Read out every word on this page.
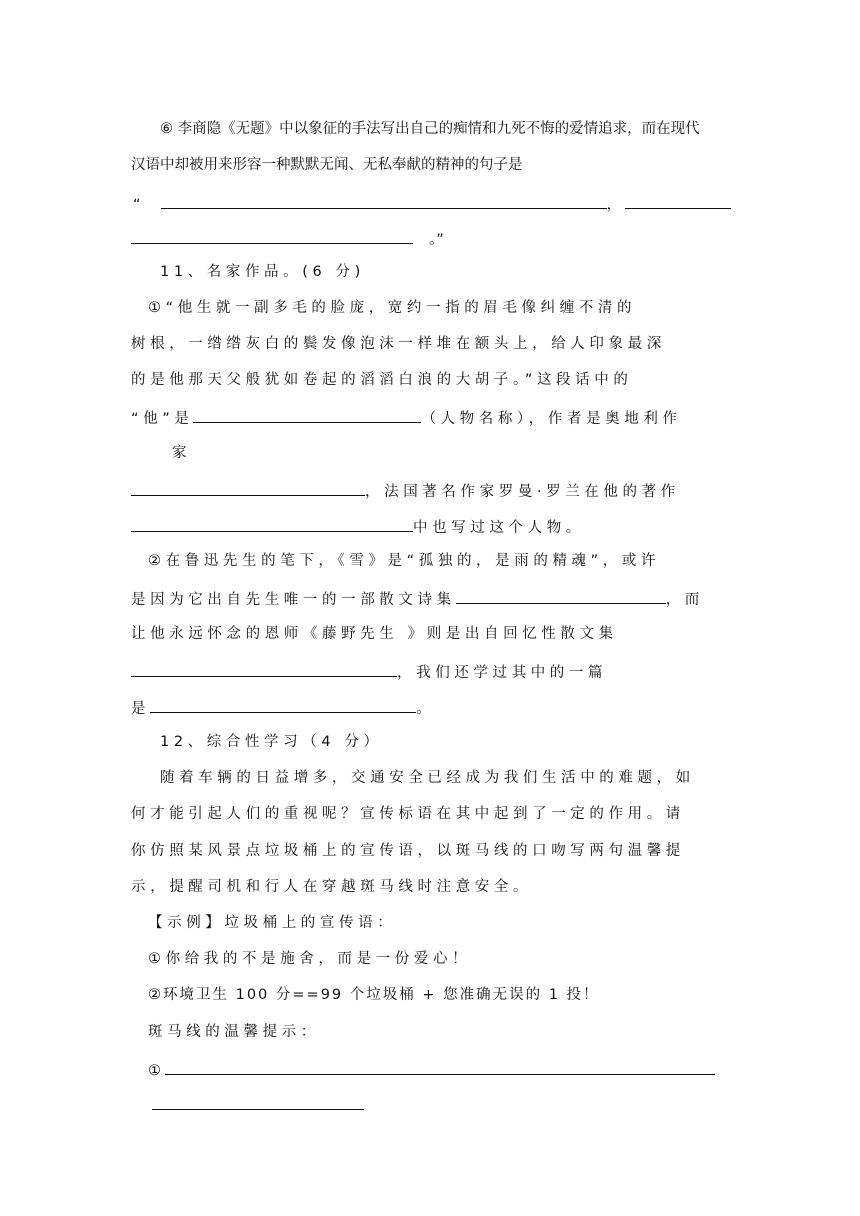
⑥ 李商隐《无题》中以象征的手法写出自己的痴情和九死不悔的爱情追求，而在现代
汉语中却被用来形容一种默默无闻、无私奉献的精神的句子是
“	，
。”
11、名家作品。(6 分)
①“他生就一副多毛的脸庞，宽约一指的眉毛像纠缠不清的
树根，一绺绺灰白的鬓发像泡沫一样堆在额头上，给人印象最深
的是他那天父般犹如卷起的滔滔白浪的大胡子。”这段话中的
“他”是	（人物名称），作者是奥地利作
家
，法国著名作家罗曼·罗兰在他的著作
中也写过这个人物。
②在鲁迅先生的笔下，《雪》是“孤独的，是雨的精魂”，或许
是因为它出自先生唯一的一部散文诗集	，而
让他永远怀念的恩师《藤野先生 》则是出自回忆性散文集
，我们还学过其中的一篇
是	。
12、综合性学习（4 分）
随着车辆的日益增多，交通安全已经成为我们生活中的难题，如
何才能引起人们的重视呢？宣传标语在其中起到了一定的作用。请
你仿照某风景点垃圾桶上的宣传语，以斑马线的口吻写两句温馨提
示，提醒司机和行人在穿越斑马线时注意安全。
【示例】垃圾桶上的宣传语：
①你给我的不是施舍，而是一份爱心！
②环境卫生 100 分==99 个垃圾桶 + 您准确无误的 1 投！
斑马线的温馨提示：
①
